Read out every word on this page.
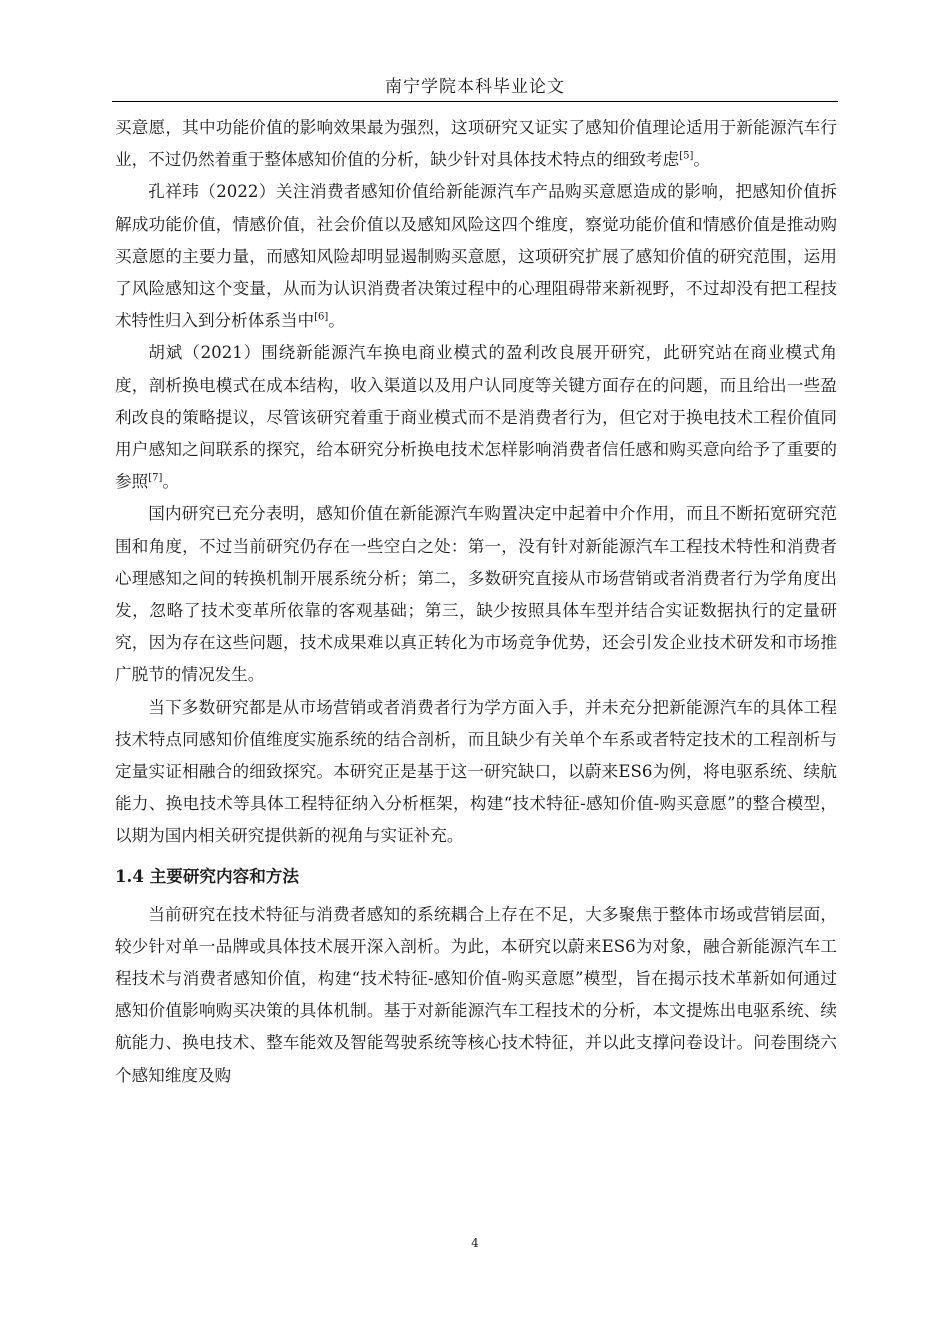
南宁学院本科毕业论文

买意愿，其中功能价值的影响效果最为强烈，这项研究又证实了感知价值理论适用于新能源汽车行业，不过仍然着重于整体感知价值的分析，缺少针对具体技术特点的细致考虑[5]。

孔祥玮（2022）关注消费者感知价值给新能源汽车产品购买意愿造成的影响，把感知价值拆解成功能价值，情感价值，社会价值以及感知风险这四个维度，察觉功能价值和情感价值是推动购买意愿的主要力量，而感知风险却明显遏制购买意愿，这项研究扩展了感知价值的研究范围，运用了风险感知这个变量，从而为认识消费者决策过程中的心理阻碍带来新视野，不过却没有把工程技术特性归入到分析体系当中[6]。

胡斌（2021）围绕新能源汽车换电商业模式的盈利改良展开研究，此研究站在商业模式角度，剖析换电模式在成本结构，收入渠道以及用户认同度等关键方面存在的问题，而且给出一些盈利改良的策略提议，尽管该研究着重于商业模式而不是消费者行为，但它对于换电技术工程价值同用户感知之间联系的探究，给本研究分析换电技术怎样影响消费者信任感和购买意向给予了重要的参照[7]。

国内研究已充分表明，感知价值在新能源汽车购置决定中起着中介作用，而且不断拓宽研究范围和角度，不过当前研究仍存在一些空白之处：第一，没有针对新能源汽车工程技术特性和消费者心理感知之间的转换机制开展系统分析；第二，多数研究直接从市场营销或者消费者行为学角度出发，忽略了技术变革所依靠的客观基础；第三，缺少按照具体车型并结合实证数据执行的定量研究，因为存在这些问题，技术成果难以真正转化为市场竞争优势，还会引发企业技术研发和市场推广脱节的情况发生。

当下多数研究都是从市场营销或者消费者行为学方面入手，并未充分把新能源汽车的具体工程技术特点同感知价值维度实施系统的结合剖析，而且缺少有关单个车系或者特定技术的工程剖析与定量实证相融合的细致探究。本研究正是基于这一研究缺口，以蔚来ES6为例，将电驱系统、续航能力、换电技术等具体工程特征纳入分析框架，构建“技术特征-感知价值-购买意愿”的整合模型，以期为国内相关研究提供新的视角与实证补充。

1.4 主要研究内容和方法

当前研究在技术特征与消费者感知的系统耦合上存在不足，大多聚焦于整体市场或营销层面，较少针对单一品牌或具体技术展开深入剖析。为此，本研究以蔚来ES6为对象，融合新能源汽车工程技术与消费者感知价值，构建“技术特征-感知价值-购买意愿”模型，旨在揭示技术革新如何通过感知价值影响购买决策的具体机制。基于对新能源汽车工程技术的分析，本文提炼出电驱系统、续航能力、换电技术、整车能效及智能驾驶系统等核心技术特征，并以此支撑问卷设计。问卷围绕六个感知维度及购

4
